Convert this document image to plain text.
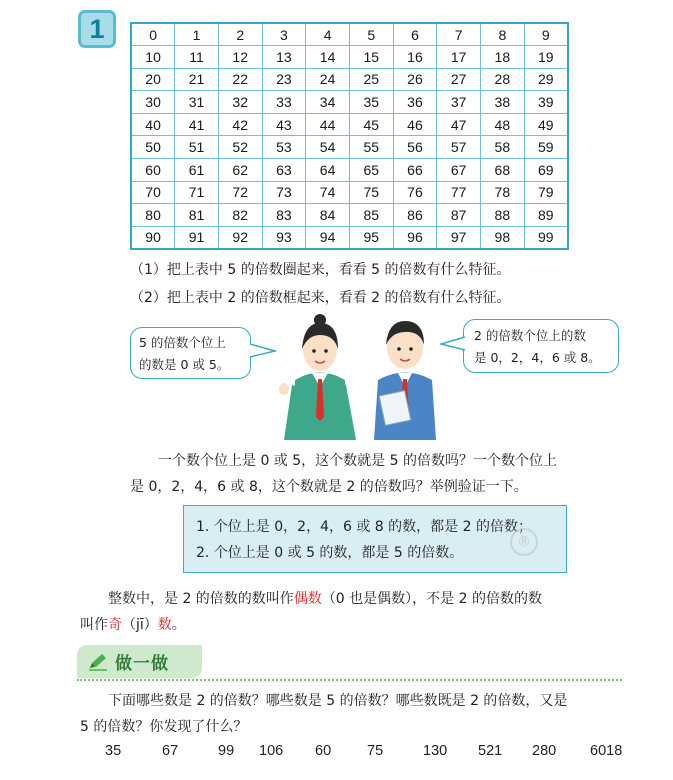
1	0	1	2	3	4	5	6	7	8	9
10	11	12	13	14	15	16	17	18	19
20	21	22	23	24	25	26	27	28	29
30	31	32	33	34	35	36	37	38	39
40	41	42	43	44	45	46	47	48	49
50	51	52	53	54	55	56	57	58	59
60	61	62	63	64	65	66	67	68	69
70	71	72	73	74	75	76	77	78	79
80	81	82	83	84	85	86	87	88	89
90	91	92	93	94	95	96	97	98	99
（1）把上表中 5 的倍数圈起来，看看 5 的倍数有什么特征。
（2）把上表中 2 的倍数框起来，看看 2 的倍数有什么特征。
5 的倍数个位上
的数是 0 或 5。
2 的倍数个位上的数
是 0，2，4，6 或 8。
　　一个数个位上是 0 或 5，这个数就是 5 的倍数吗？一个数个位上
是 0，2，4，6 或 8，这个数就是 2 的倍数吗？举例验证一下。
1. 个位上是 0，2，4，6 或 8 的数，都是 2 的倍数；
2. 个位上是 0 或 5 的数，都是 5 的倍数。
®
　　整数中，是 2 的倍数的数叫作偶数（0 也是偶数），不是 2 的倍数的数
叫作奇（jī）数。
做一做
　　下面哪些数是 2 的倍数？哪些数是 5 的倍数？哪些数既是 2 的倍数，又是
5 的倍数？你发现了什么？
35	67	99 106 60 75	130 521 280 6018
